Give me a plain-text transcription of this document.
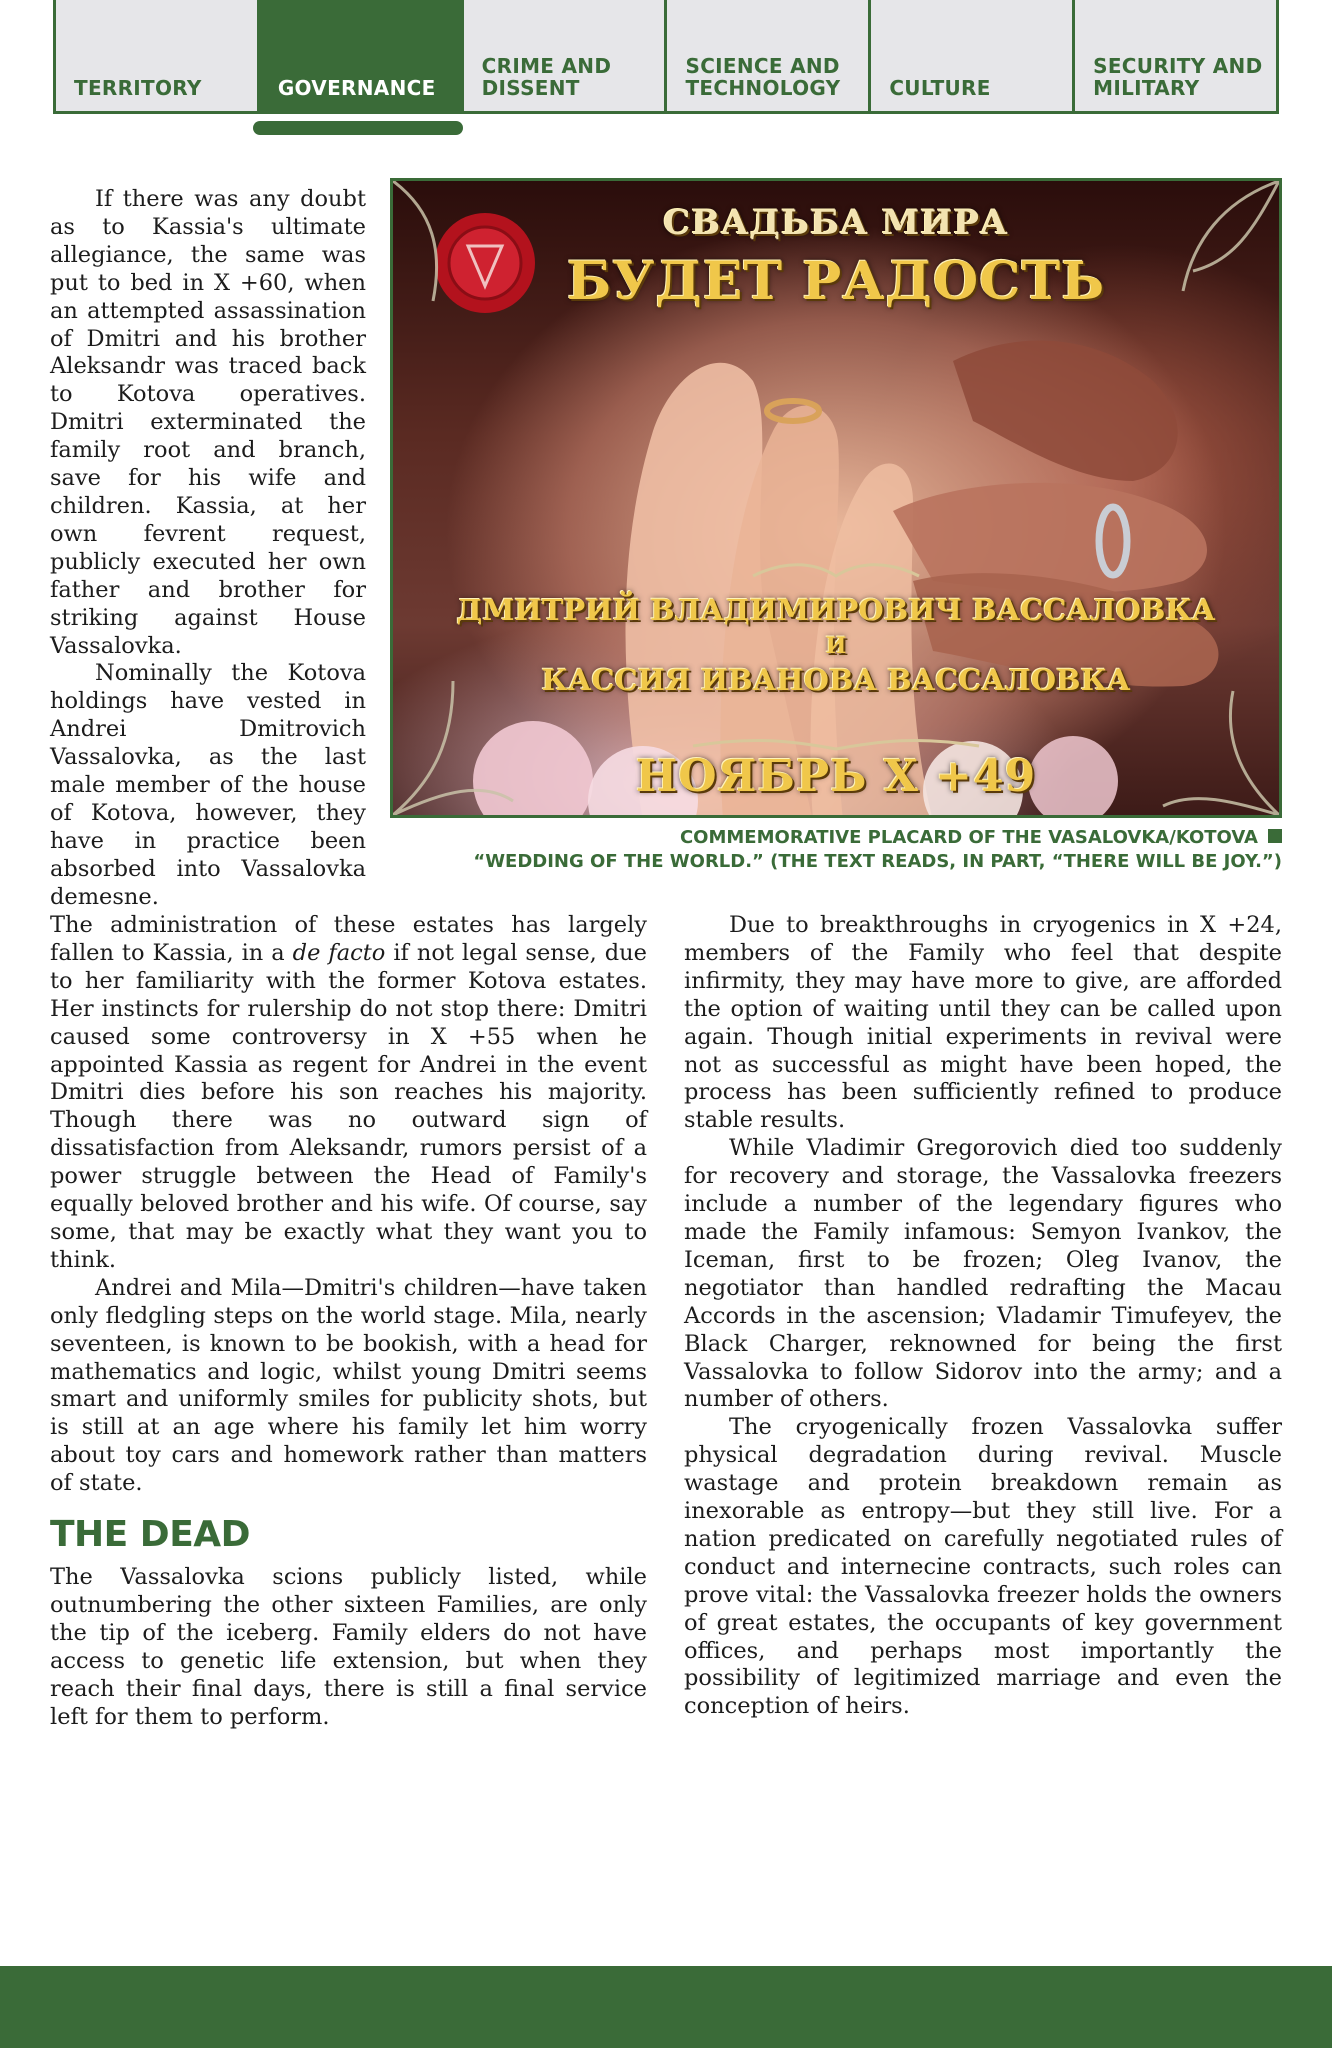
TERRITORY	GOVERNANCE
CRIME AND DISSENT
SCIENCE AND TECHNOLOGY	CULTURE
SECURITY AND MILITARY

If there was any doubt as to Kassia's ultimate allegiance, the same was put to bed in X +60, when an attempted assassination of Dmitri and his brother Aleksandr was traced back to Kotova operatives. Dmitri exterminated the family root and branch, save for his wife and children. Kassia, at her own fevrent request, publicly executed her own father and brother for striking against House Vassalovka.

Nominally the Kotova holdings have vested in Andrei Dmitrovich Vassalovka, as the last male member of the house of Kotova, however, they have in practice been absorbed into Vassalovka demesne.

СВАДЬБА МИРА
БУДЕТ РАДОСТЬ
ДМИТРИЙ ВЛАДИМИРОВИЧ ВАССАЛОВКА
И
КАССИЯ ИВАНОВА ВАССАЛОВКА
НОЯБРЬ Х +49
COMMEMORATIVE PLACARD OF THE VASALOVKA/KOTOVA
“WEDDING OF THE WORLD.” (THE TEXT READS, IN PART, “THERE WILL BE JOY.”)

The administration of these estates has largely fallen to Kassia, in a de facto if not legal sense, due to her familiarity with the former Kotova estates. Her instincts for rulership do not stop there: Dmitri caused some controversy in X +55 when he appointed Kassia as regent for Andrei in the event Dmitri dies before his son reaches his majority. Though there was no outward sign of dissatisfaction from Aleksandr, rumors persist of a power struggle between the Head of Family's equally beloved brother and his wife. Of course, say some, that may be exactly what they want you to think.

Andrei and Mila—Dmitri's children—have taken only fledgling steps on the world stage. Mila, nearly seventeen, is known to be bookish, with a head for mathematics and logic, whilst young Dmitri seems smart and uniformly smiles for publicity shots, but is still at an age where his family let him worry about toy cars and homework rather than matters of state.

THE DEAD

The Vassalovka scions publicly listed, while outnumbering the other sixteen Families, are only the tip of the iceberg. Family elders do not have access to genetic life extension, but when they reach their final days, there is still a final service left for them to perform.

Due to breakthroughs in cryogenics in X +24, members of the Family who feel that despite infirmity, they may have more to give, are afforded the option of waiting until they can be called upon again. Though initial experiments in revival were not as successful as might have been hoped, the process has been sufficiently refined to produce stable results.

While Vladimir Gregorovich died too suddenly for recovery and storage, the Vassalovka freezers include a number of the legendary figures who made the Family infamous: Semyon Ivankov, the Iceman, first to be frozen; Oleg Ivanov, the negotiator than handled redrafting the Macau Accords in the ascension; Vladamir Timufeyev, the Black Charger, reknowned for being the first Vassalovka to follow Sidorov into the army; and a number of others.

The cryogenically frozen Vassalovka suffer physical degradation during revival. Muscle wastage and protein breakdown remain as inexorable as entropy—but they still live. For a nation predicated on carefully negotiated rules of conduct and internecine contracts, such roles can prove vital: the Vassalovka freezer holds the owners of great estates, the occupants of key government offices, and perhaps most importantly the possibility of legitimized marriage and even the conception of heirs.
